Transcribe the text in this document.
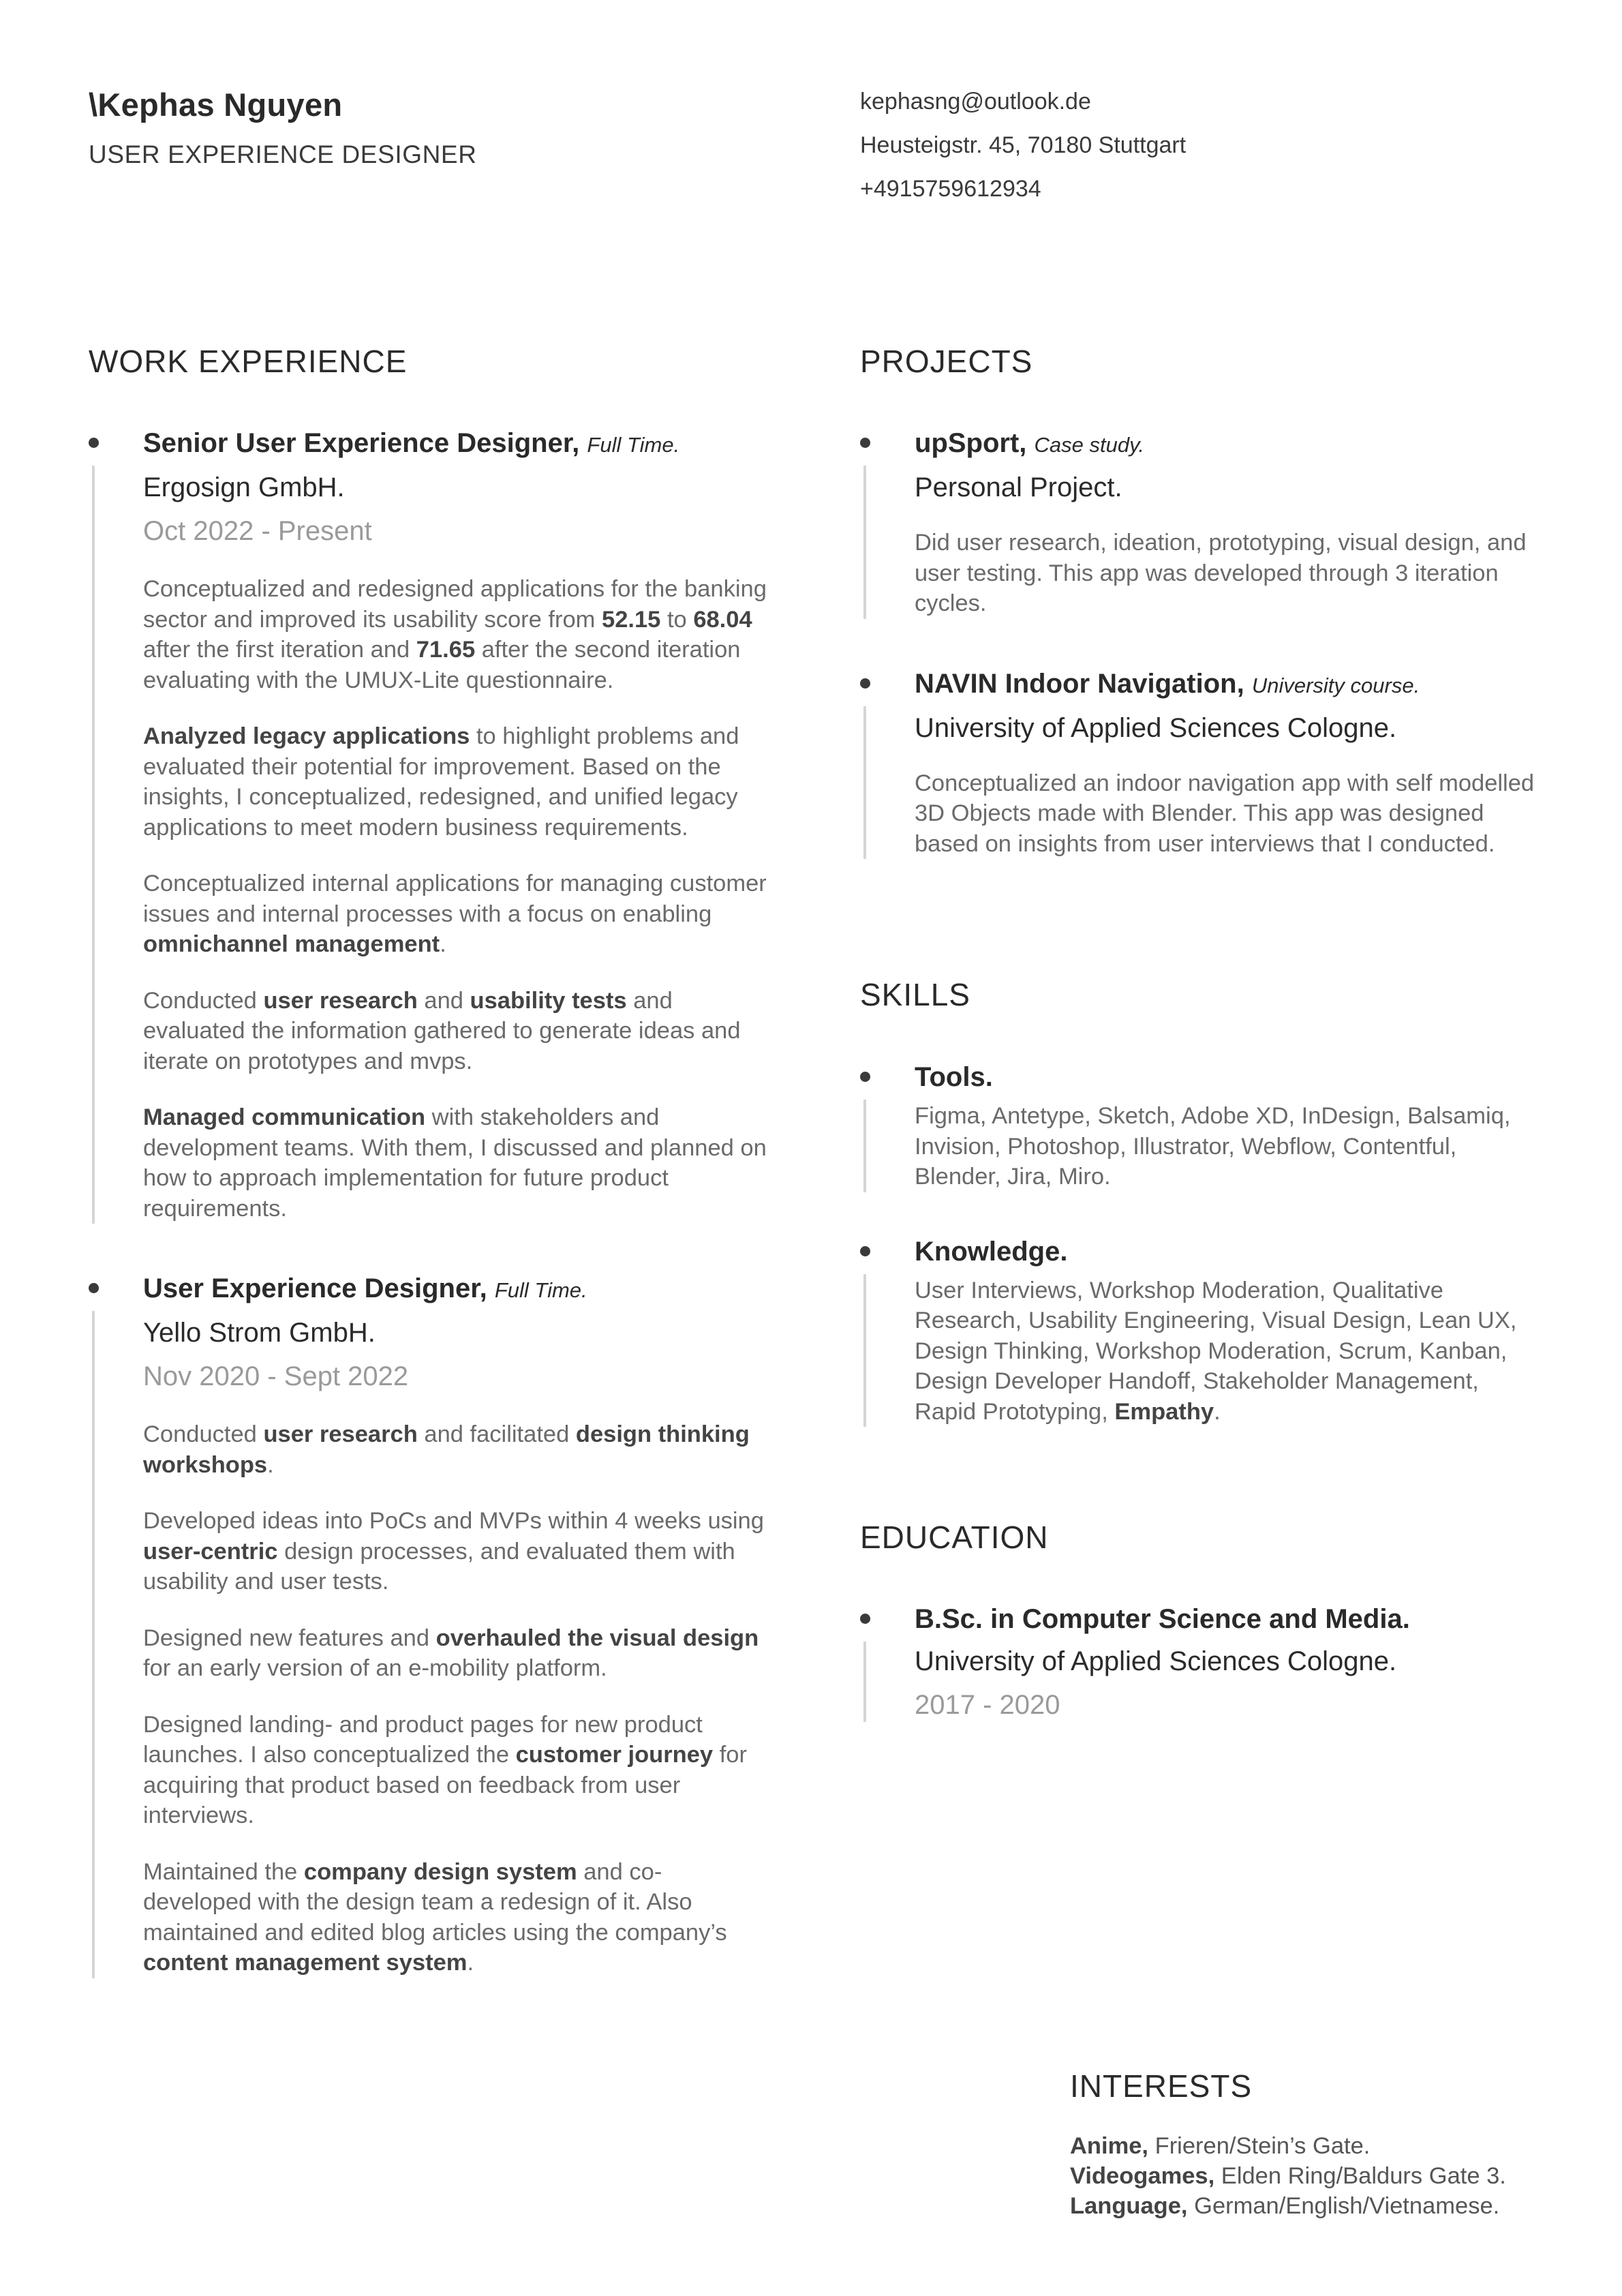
\Kephas Nguyen
USER EXPERIENCE DESIGNER
kephasng@outlook.de
Heusteigstr. 45, 70180 Stuttgart
+4915759612934
WORK EXPERIENCE
Senior User Experience Designer, Full Time.
Ergosign GmbH.
Oct 2022 - Present
Conceptualized and redesigned applications for the banking sector and improved its usability score from 52.15 to 68.04 after the first iteration and 71.65 after the second iteration evaluating with the UMUX-Lite questionnaire.
Analyzed legacy applications to highlight problems and evaluated their potential for improvement. Based on the insights, I conceptualized, redesigned, and unified legacy applications to meet modern business requirements.
Conceptualized internal applications for managing customer issues and internal processes with a focus on enabling omnichannel management.
Conducted user research and usability tests and evaluated the information gathered to generate ideas and iterate on prototypes and mvps.
Managed communication with stakeholders and development teams. With them, I discussed and planned on how to approach implementation for future product requirements.
User Experience Designer, Full Time.
Yello Strom GmbH.
Nov 2020 - Sept 2022
Conducted user research and facilitated design thinking workshops.
Developed ideas into PoCs and MVPs within 4 weeks using user-centric design processes, and evaluated them with usability and user tests.
Designed new features and overhauled the visual design for an early version of an e-mobility platform.
Designed landing- and product pages for new product launches. I also conceptualized the customer journey for acquiring that product based on feedback from user interviews.
Maintained the company design system and co-developed with the design team a redesign of it. Also maintained and edited blog articles using the company’s content management system.
PROJECTS
upSport, Case study.
Personal Project.
Did user research, ideation, prototyping, visual design, and user testing. This app was developed through 3 iteration cycles.
NAVIN Indoor Navigation, University course.
University of Applied Sciences Cologne.
Conceptualized an indoor navigation app with self modelled 3D Objects made with Blender. This app was designed based on insights from user interviews that I conducted.
SKILLS
Tools.
Figma, Antetype, Sketch, Adobe XD, InDesign, Balsamiq, Invision, Photoshop, Illustrator, Webflow, Contentful, Blender, Jira, Miro.
Knowledge.
User Interviews, Workshop Moderation, Qualitative Research, Usability Engineering, Visual Design, Lean UX, Design Thinking, Workshop Moderation, Scrum, Kanban, Design Developer Handoff, Stakeholder Management, Rapid Prototyping, Empathy.
EDUCATION
B.Sc. in Computer Science and Media.
University of Applied Sciences Cologne.
2017 - 2020
INTERESTS
Anime, Frieren/Stein’s Gate.
Videogames, Elden Ring/Baldurs Gate 3.
Language, German/English/Vietnamese.
